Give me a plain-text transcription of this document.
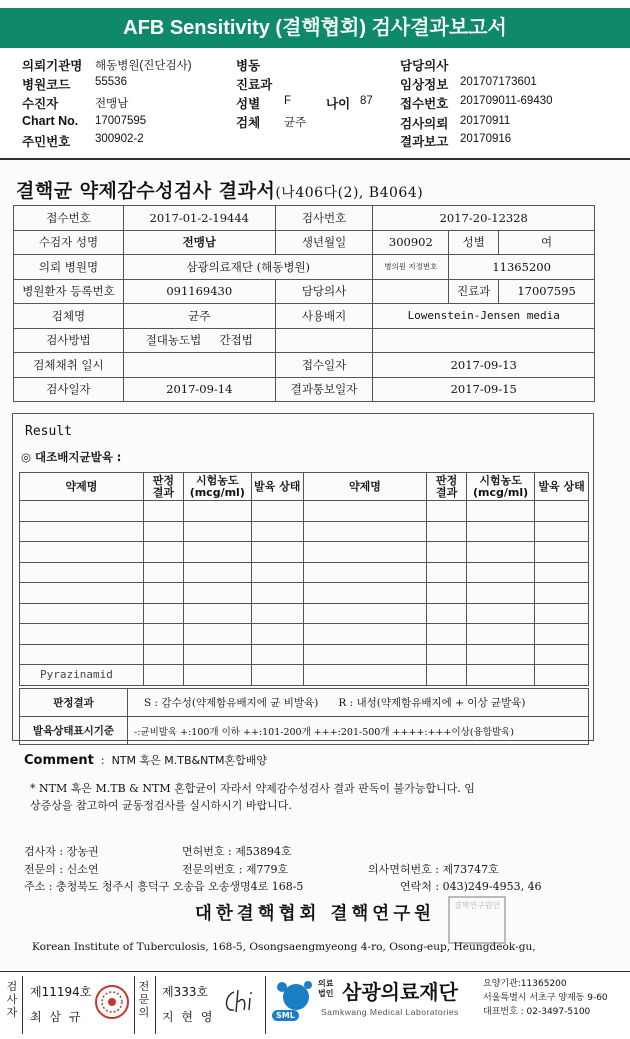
AFB Sensitivity (결핵협회) 검사결과보고서
의뢰기관명 해동병원(진단검사)
병원코드 55536
수진자	전맹남
Chart No. 17007595
주민번호 300902-2
병동
진료과
성별 F	나이 87
검체 균주
담당의사
임상정보 201707173601
접수번호 201709011-69430
검사의뢰 20170911
결과보고 20170916
결핵균 약제감수성검사 결과서(나406다(2), B4064)
접수번호	2017-01-2-19444	검사번호	2017-20-12328		
수검자 성명	전맹남	생년월일	300902	성별	여
의뢰 병원명	삼광의료재단 (해동병원)		병의원 지정번호	11365200	
병원환자 등록번호	091169430	담당의사		진료과	17007595
검체명	균주	사용배지	Lowenstein-Jensen media		
검사방법	절대농도법 간접법				
검체채취 일시		접수일자	2017-09-13		
검사일자	2017-09-14	결과통보일자	2017-09-15		
Result
◎ 대조배지균발육 :
약제명	판정 결과	시험농도 (mcg/ml)	발육 상태	약제명	판정 결과	시험농도 (mcg/ml)	발육 상태

Pyrazinamid							
판정결과	S : 감수성(약제함유배지에 균 비발육) R : 내성(약제함유배지에 + 이상 균발육)
발육상태표시기준	-:균비발육 +:100개 이하 ++:101-200개 +++:201-500개 ++++:+++이상(융합발육)
Comment  :  NTM 혹은 M.TB&NTM혼합배양
* NTM 혹은 M.TB & NTM 혼합균이 자라서 약제감수성검사 결과 판독이 불가능합니다. 임
상증상을 참고하여 균동정검사를 실시하시기 바랍니다.
검사자 : 장농권	면허번호 : 제53894호
전문의 : 신소연	전문의번호 : 제779호	의사면허번호 : 제73747호
주소 : 충청북도 청주시 흥덕구 오송읍 오송생명4로 168-5	연락처 : 043)249-4953, 46
대한결핵협회 결핵연구원	결핵연구원인
Korean Institute of Tuberculosis, 168-5, Osongsaengmyeong 4-ro, Osong-eup, Heungdeok-gu,
검사자
제11194호
최 삼 규
전문의
제333호
지 현 영	SML
의료 법인 삼광의료재단
Samkwang Medical Laboratories
요양기관:11365200
서울특별시 서초구 양재동 9-60
대표번호 : 02-3497-5100
